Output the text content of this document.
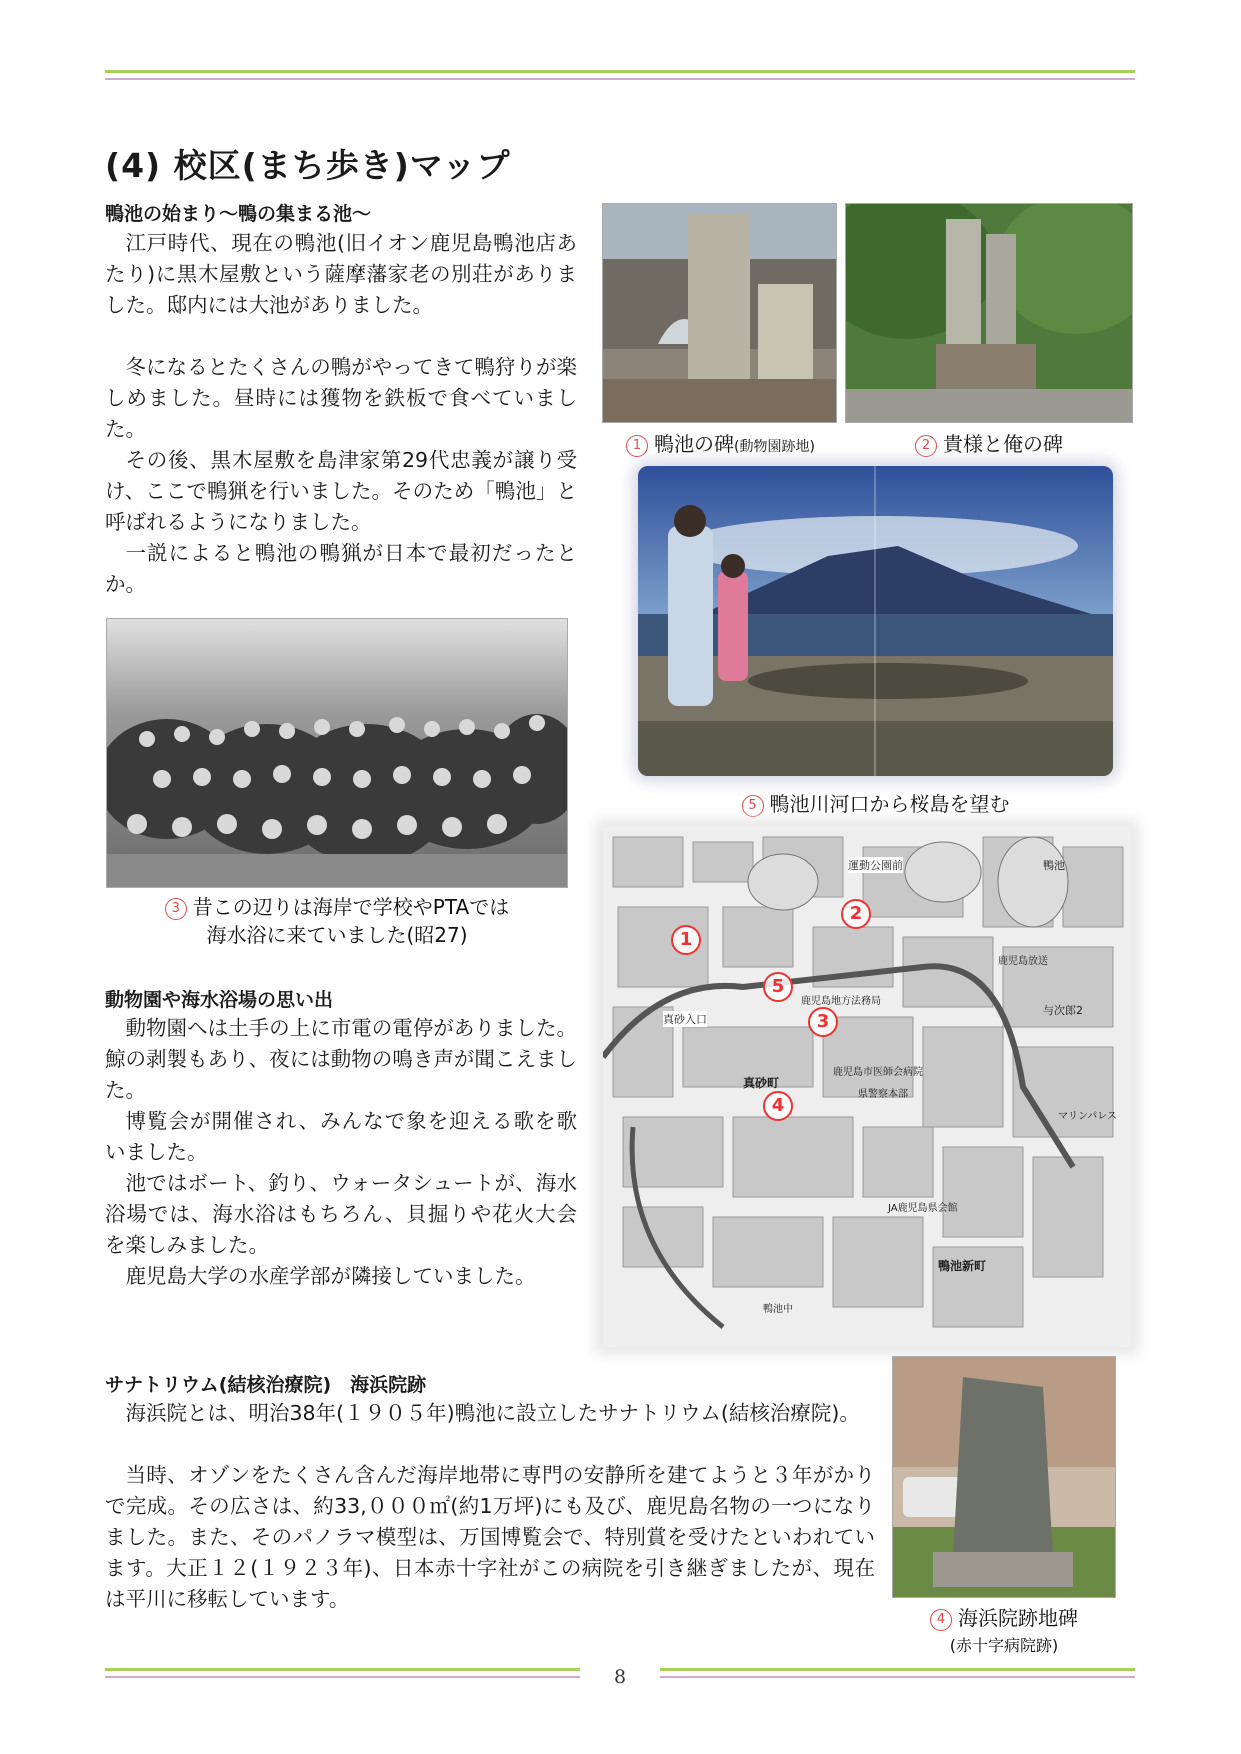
(4) 校区(まち歩き)マップ
鴨池の始まり～鴨の集まる池～

江戸時代、現在の鴨池(旧イオン鹿児島鴨池店あたり)に黒木屋敷という薩摩藩家老の別荘がありました。邸内には大池がありました。

冬になるとたくさんの鴨がやってきて鴨狩りが楽しめました。昼時には獲物を鉄板で食べていました。

その後、黒木屋敷を島津家第29代忠義が譲り受け、ここで鴨猟を行いました。そのため「鴨池」と呼ばれるようになりました。

一説によると鴨池の鴨猟が日本で最初だったとか。

3 昔この辺りは海岸で学校やPTAでは
海水浴に来ていました(昭27)
動物園や海水浴場の思い出

動物園へは土手の上に市電の電停がありました。鯨の剥製もあり、夜には動物の鳴き声が聞こえました。

博覧会が開催され、みんなで象を迎える歌を歌いました。

池ではボート、釣り、ウォータシュートが、海水浴場では、海水浴はもちろん、貝掘りや花火大会を楽しみました。

鹿児島大学の水産学部が隣接していました。

1 鴨池の碑(動物園跡地)	2 貴様と俺の碑
5 鴨池川河口から桜島を望む
1
2
5
3
4
運動公園前
真砂入口
真砂町
鹿児島地方法務局
鹿児島市医師会病院
県警察本部
JA鹿児島県会館
鴨池新町
鴨池中
与次郎2
鴨池
マリンパレス
鹿児島放送
サナトリウム(結核治療院)　海浜院跡

海浜院とは、明治38年(１９０５年)鴨池に設立したサナトリウム(結核治療院)。

当時、オゾンをたくさん含んだ海岸地帯に専門の安静所を建てようと３年がかりで完成。その広さは、約33,０００㎡(約1万坪)にも及び、鹿児島名物の一つになりました。また、そのパノラマ模型は、万国博覧会で、特別賞を受けたといわれています。大正１２(１９２３年)、日本赤十字社がこの病院を引き継ぎましたが、現在は平川に移転しています。

4 海浜院跡地碑
(赤十字病院跡)
8
